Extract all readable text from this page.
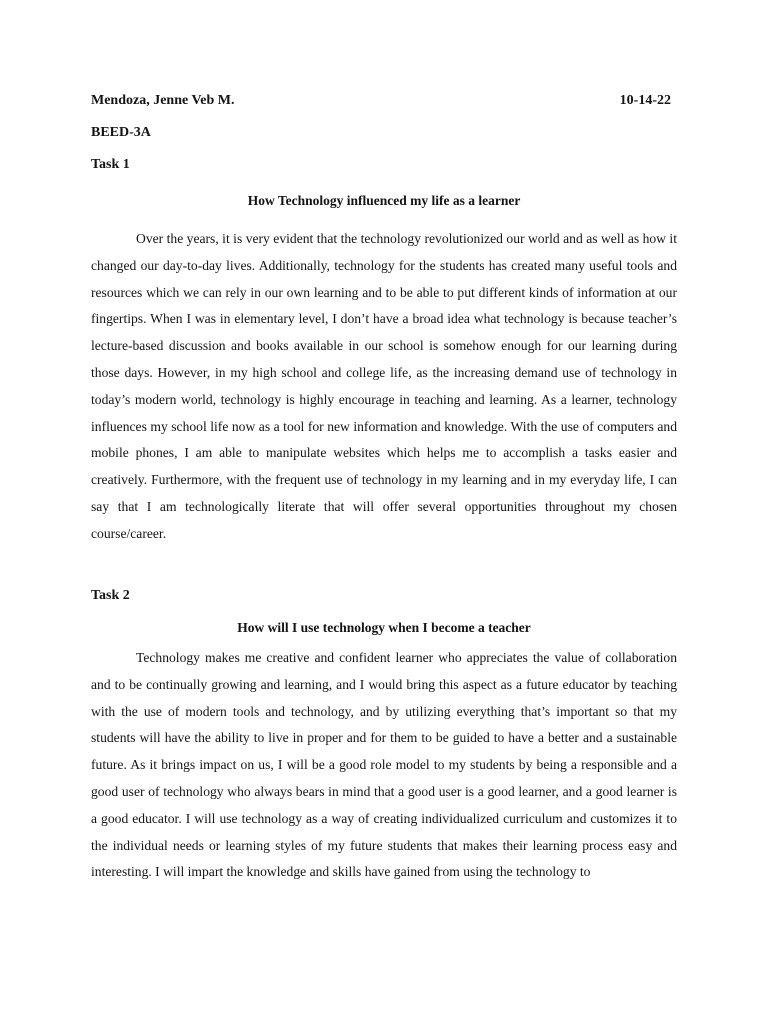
Mendoza, Jenne Veb M.	10-14-22
BEED-3A
Task 1
How Technology influenced my life as a learner

Over the years, it is very evident that the technology revolutionized our world and as well as how it changed our day-to-day lives. Additionally, technology for the students has created many useful tools and resources which we can rely in our own learning and to be able to put different kinds of information at our fingertips. When I was in elementary level, I don’t have a broad idea what technology is because teacher’s lecture-based discussion and books available in our school is somehow enough for our learning during those days. However, in my high school and college life, as the increasing demand use of technology in today’s modern world, technology is highly encourage in teaching and learning. As a learner, technology influences my school life now as a tool for new information and knowledge. With the use of computers and mobile phones, I am able to manipulate websites which helps me to accomplish a tasks easier and creatively. Furthermore, with the frequent use of technology in my learning and in my everyday life, I can say that I am technologically literate that will offer several opportunities throughout my chosen course/career.

Task 2
How will I use technology when I become a teacher

Technology makes me creative and confident learner who appreciates the value of collaboration and to be continually growing and learning, and I would bring this aspect as a future educator by teaching with the use of modern tools and technology, and by utilizing everything that’s important so that my students will have the ability to live in proper and for them to be guided to have a better and a sustainable future. As it brings impact on us, I will be a good role model to my students by being a responsible and a good user of technology who always bears in mind that a good user is a good learner, and a good learner is a good educator. I will use technology as a way of creating individualized curriculum and customizes it to the individual needs or learning styles of my future students that makes their learning process easy and interesting. I will impart the knowledge and skills have gained from using the technology to
